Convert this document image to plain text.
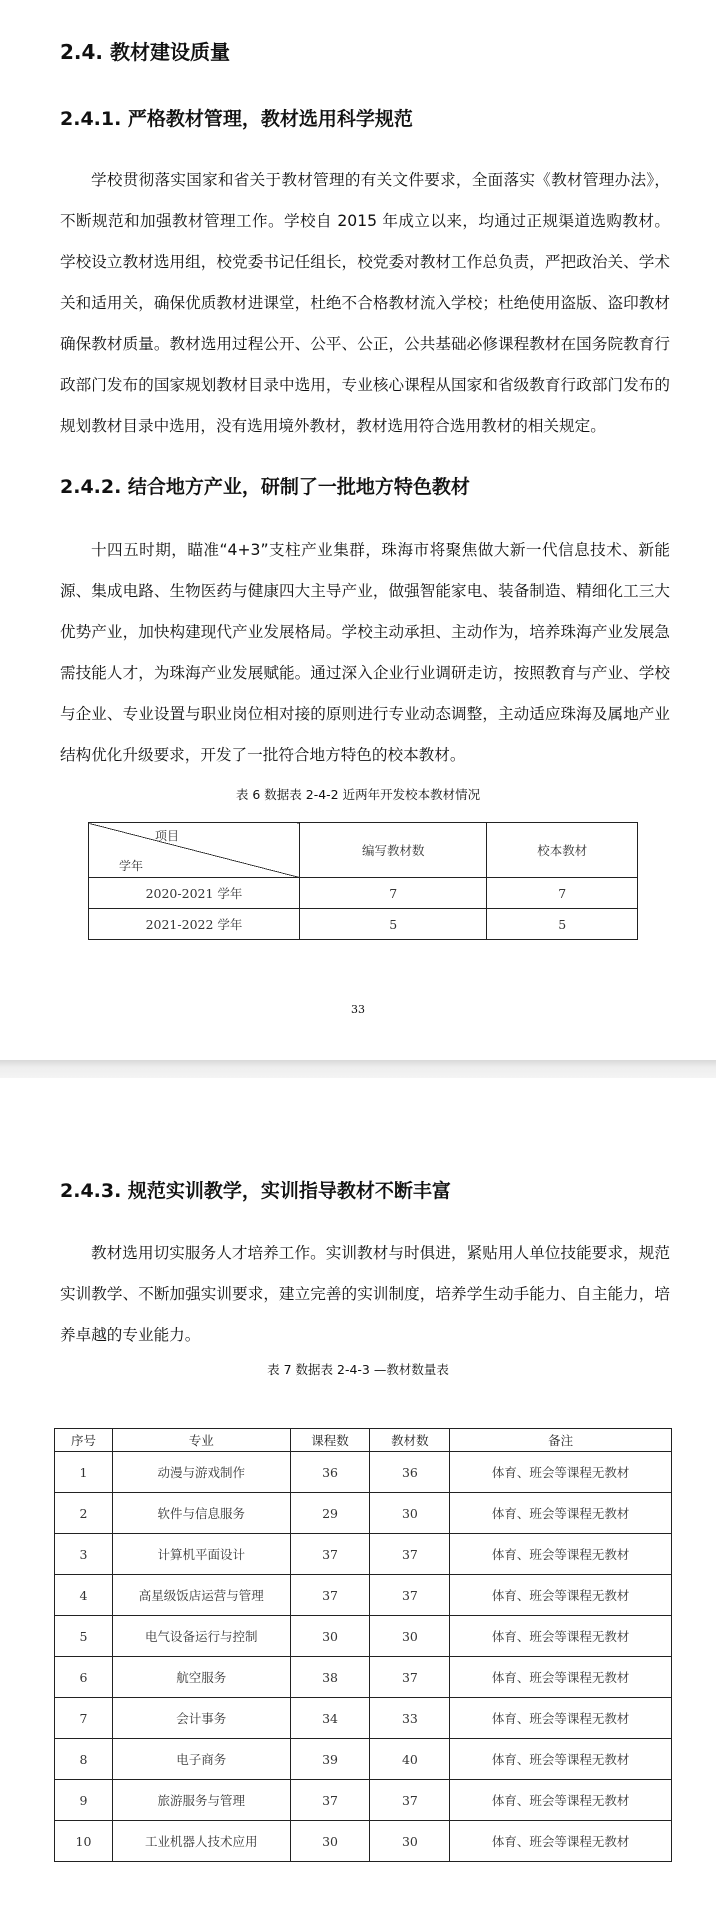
2.4. 教材建设质量
2.4.1. 严格教材管理，教材选用科学规范

学校贯彻落实国家和省关于教材管理的有关文件要求，全面落实《教材管理办法》，不断规范和加强教材管理工作。学校自 2015 年成立以来，均通过正规渠道选购教材。学校设立教材选用组，校党委书记任组长，校党委对教材工作总负责，严把政治关、学术关和适用关，确保优质教材进课堂，杜绝不合格教材流入学校；杜绝使用盗版、盗印教材确保教材质量。教材选用过程公开、公平、公正，公共基础必修课程教材在国务院教育行政部门发布的国家规划教材目录中选用，专业核心课程从国家和省级教育行政部门发布的规划教材目录中选用，没有选用境外教材，教材选用符合选用教材的相关规定。

2.4.2. 结合地方产业，研制了一批地方特色教材

十四五时期，瞄准“4+3”支柱产业集群，珠海市将聚焦做大新一代信息技术、新能源、集成电路、生物医药与健康四大主导产业，做强智能家电、装备制造、精细化工三大优势产业，加快构建现代产业发展格局。学校主动承担、主动作为，培养珠海产业发展急需技能人才，为珠海产业发展赋能。通过深入企业行业调研走访，按照教育与产业、学校与企业、专业设置与职业岗位相对接的原则进行专业动态调整，主动适应珠海及属地产业结构优化升级要求，开发了一批符合地方特色的校本教材。

表 6 数据表 2-4-2 近两年开发校本教材情况
项目
学年	编写教材数	校本教材
2020-2021 学年	7	7
2021-2022 学年	5	5
33
2.4.3. 规范实训教学，实训指导教材不断丰富

教材选用切实服务人才培养工作。实训教材与时俱进，紧贴用人单位技能要求，规范实训教学、不断加强实训要求，建立完善的实训制度，培养学生动手能力、自主能力，培养卓越的专业能力。

表 7 数据表 2-4-3 —教材数量表
序号	专业	课程数	教材数	备注
1	动漫与游戏制作	36	36	体育、班会等课程无教材
2	软件与信息服务	29	30	体育、班会等课程无教材
3	计算机平面设计	37	37	体育、班会等课程无教材
4	高星级饭店运营与管理	37	37	体育、班会等课程无教材
5	电气设备运行与控制	30	30	体育、班会等课程无教材
6	航空服务	38	37	体育、班会等课程无教材
7	会计事务	34	33	体育、班会等课程无教材
8	电子商务	39	40	体育、班会等课程无教材
9	旅游服务与管理	37	37	体育、班会等课程无教材
10	工业机器人技术应用	30	30	体育、班会等课程无教材
